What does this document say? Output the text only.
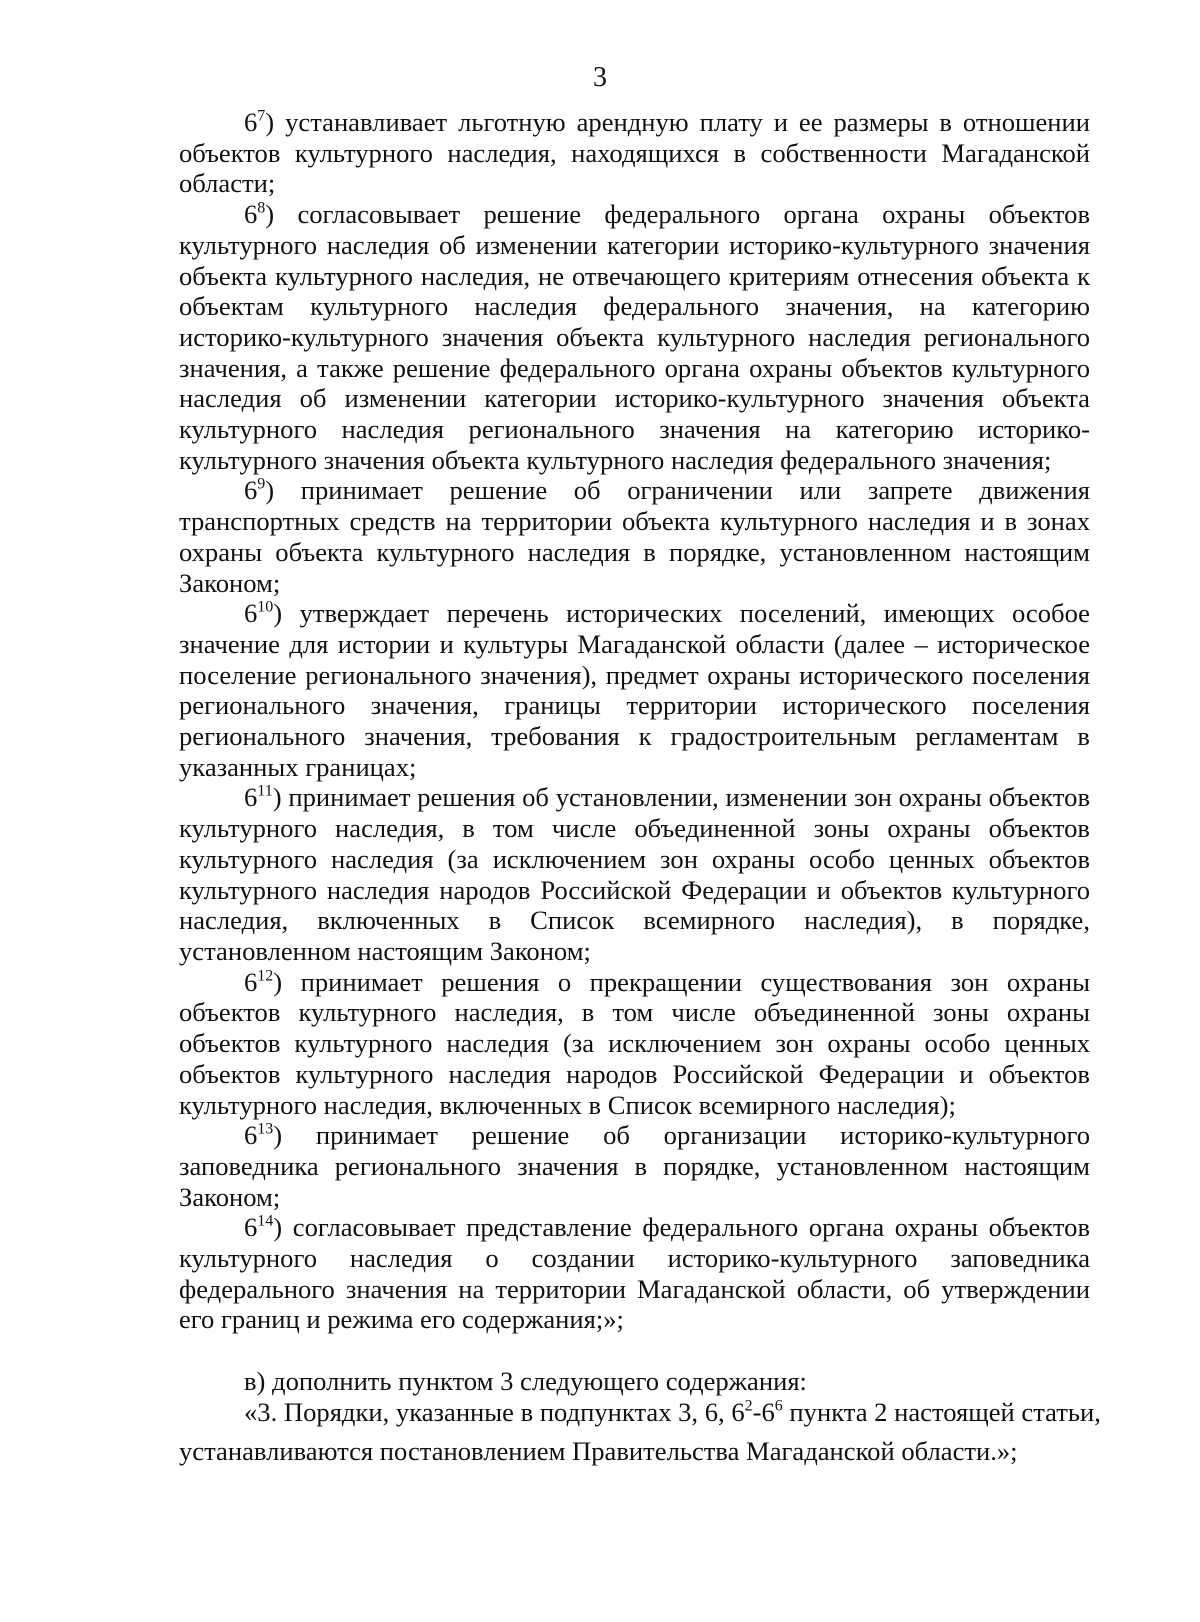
3

$6^7$) устанавливает льготную арендную плату и ее размеры в отношении объектов культурного наследия, находящихся в собственности Магаданской области;

$6^8$) согласовывает решение федерального органа охраны объектов культурного наследия об изменении категории историко-культурного значения объекта культурного наследия, не отвечающего критериям отнесения объекта к объектам культурного наследия федерального значения, на категорию историко-культурного значения объекта культурного наследия регионального значения, а также решение федерального органа охраны объектов культурного наследия об изменении категории историко-культурного значения объекта культурного наследия регионального значения на категорию историко-культурного значения объекта культурного наследия федерального значения;

$6^9$) принимает решение об ограничении или запрете движения транспортных средств на территории объекта культурного наследия и в зонах охраны объекта культурного наследия в порядке, установленном настоящим Законом;

$6^{10}$) утверждает перечень исторических поселений, имеющих особое значение для истории и культуры Магаданской области (далее – историческое поселение регионального значения), предмет охраны исторического поселения регионального значения, границы территории исторического поселения регионального значения, требования к градостроительным регламентам в указанных границах;

$6^{11}$) принимает решения об установлении, изменении зон охраны объектов культурного наследия, в том числе объединенной зоны охраны объектов культурного наследия (за исключением зон охраны особо ценных объектов культурного наследия народов Российской Федерации и объектов культурного наследия, включенных в Список всемирного наследия), в порядке, установленном настоящим Законом;

$6^{12}$) принимает решения о прекращении существования зон охраны объектов культурного наследия, в том числе объединенной зоны охраны объектов культурного наследия (за исключением зон охраны особо ценных объектов культурного наследия народов Российской Федерации и объектов культурного наследия, включенных в Список всемирного наследия);

$6^{13}$) принимает решение об организации историко-культурного заповедника регионального значения в порядке, установленном настоящим Законом;

$6^{14}$) согласовывает представление федерального органа охраны объектов культурного наследия о создании историко-культурного заповедника федерального значения на территории Магаданской области, об утверждении его границ и режима его содержания;»;

в) дополнить пунктом 3 следующего содержания:

«3. Порядки, указанные в подпунктах 3, 6, $6^2-6^6$ пункта 2 настоящей статьи,

устанавливаются постановлением Правительства Магаданской области.»;
